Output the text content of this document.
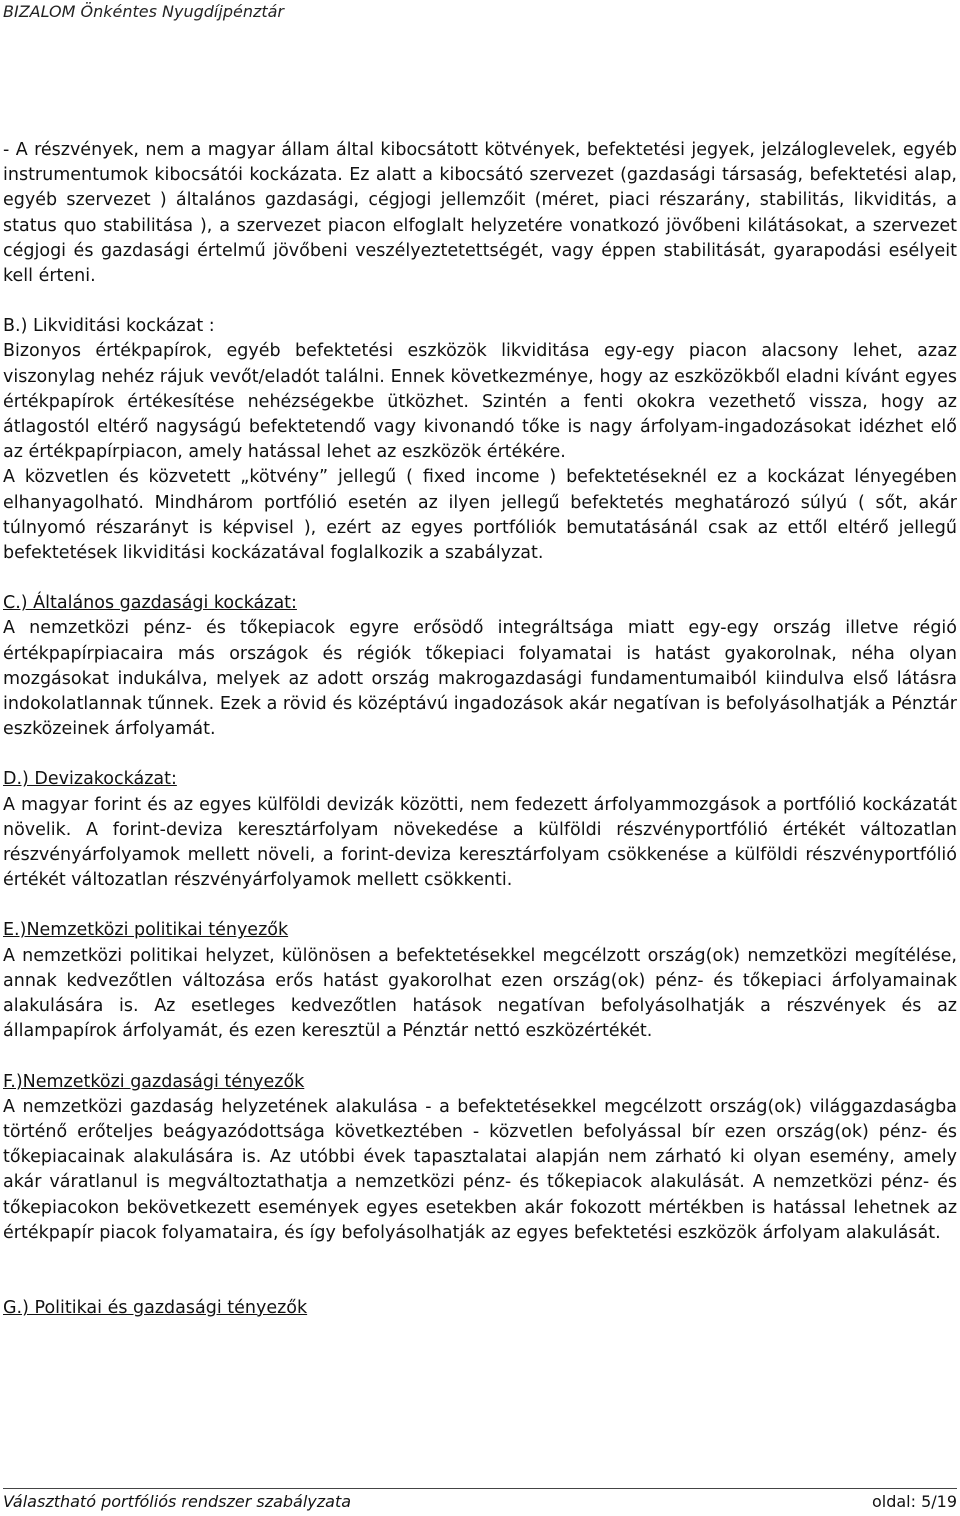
BIZALOM Önkéntes Nyugdíjpénztár

- A részvények, nem a magyar állam által kibocsátott kötvények, befektetési jegyek, jelzáloglevelek, egyéb instrumentumok kibocsátói kockázata. Ez alatt a kibocsátó szervezet (gazdasági társaság, befektetési alap, egyéb szervezet ) általános gazdasági, cégjogi jellemzőit (méret, piaci részarány, stabilitás, likviditás, a status quo stabilitása ), a szervezet piacon elfoglalt helyzetére vonatkozó jövőbeni kilátásokat, a szervezet cégjogi és gazdasági értelmű jövőbeni veszélyeztetettségét, vagy éppen stabilitását, gyarapodási esélyeit kell érteni.

B.) Likviditási kockázat :

Bizonyos értékpapírok, egyéb befektetési eszközök likviditása egy-egy piacon alacsony lehet, azaz viszonylag nehéz rájuk vevőt/eladót találni. Ennek következménye, hogy az eszközökből eladni kívánt egyes értékpapírok értékesítése nehézségekbe ütközhet. Szintén a fenti okokra vezethető vissza, hogy az átlagostól eltérő nagyságú befektetendő vagy kivonandó tőke is nagy árfolyam-ingadozásokat idézhet elő az értékpapírpiacon, amely hatással lehet az eszközök értékére.

A közvetlen és közvetett „kötvény” jellegű ( fixed income ) befektetéseknél ez a kockázat lényegében elhanyagolható. Mindhárom portfólió esetén az ilyen jellegű befektetés meghatározó súlyú ( sőt, akár túlnyomó részarányt is képvisel ), ezért az egyes portfóliók bemutatásánál csak az ettől eltérő jellegű befektetések likviditási kockázatával foglalkozik a szabályzat.

C.) Általános gazdasági kockázat:

A nemzetközi pénz- és tőkepiacok egyre erősödő integráltsága miatt egy-egy ország illetve régió értékpapírpiacaira más országok és régiók tőkepiaci folyamatai is hatást gyakorolnak, néha olyan mozgásokat indukálva, melyek az adott ország makrogazdasági fundamentumaiból kiindulva első látásra indokolatlannak tűnnek. Ezek a rövid és középtávú ingadozások akár negatívan is befolyásolhatják a Pénztár eszközeinek árfolyamát.

D.) Devizakockázat:

A magyar forint és az egyes külföldi devizák közötti, nem fedezett árfolyammozgások a portfólió kockázatát növelik. A forint-deviza keresztárfolyam növekedése a külföldi részvényportfólió értékét változatlan részvényárfolyamok mellett növeli, a forint-deviza keresztárfolyam csökkenése a külföldi részvényportfólió értékét változatlan részvényárfolyamok mellett csökkenti.

E.)Nemzetközi politikai tényezők

A nemzetközi politikai helyzet, különösen a befektetésekkel megcélzott ország(ok) nemzetközi megítélése, annak kedvezőtlen változása erős hatást gyakorolhat ezen ország(ok) pénz- és tőkepiaci árfolyamainak alakulására is. Az esetleges kedvezőtlen hatások negatívan befolyásolhatják a részvények és az állampapírok árfolyamát, és ezen keresztül a Pénztár nettó eszközértékét.

F.)Nemzetközi gazdasági tényezők

A nemzetközi gazdaság helyzetének alakulása - a befektetésekkel megcélzott ország(ok) világgazdaságba történő erőteljes beágyazódottsága következtében - közvetlen befolyással bír ezen ország(ok) pénz- és tőkepiacainak alakulására is. Az utóbbi évek tapasztalatai alapján nem zárható ki olyan esemény, amely akár váratlanul is megváltoztathatja a nemzetközi pénz- és tőkepiacok alakulását. A nemzetközi pénz- és tőkepiacokon bekövetkezett események egyes esetekben akár fokozott mértékben is hatással lehetnek az értékpapír piacok folyamataira, és így befolyásolhatják az egyes befektetési eszközök árfolyam alakulását.

G.) Politikai és gazdasági tényezők

Választható portfóliós rendszer szabályzata	oldal: 5/19
